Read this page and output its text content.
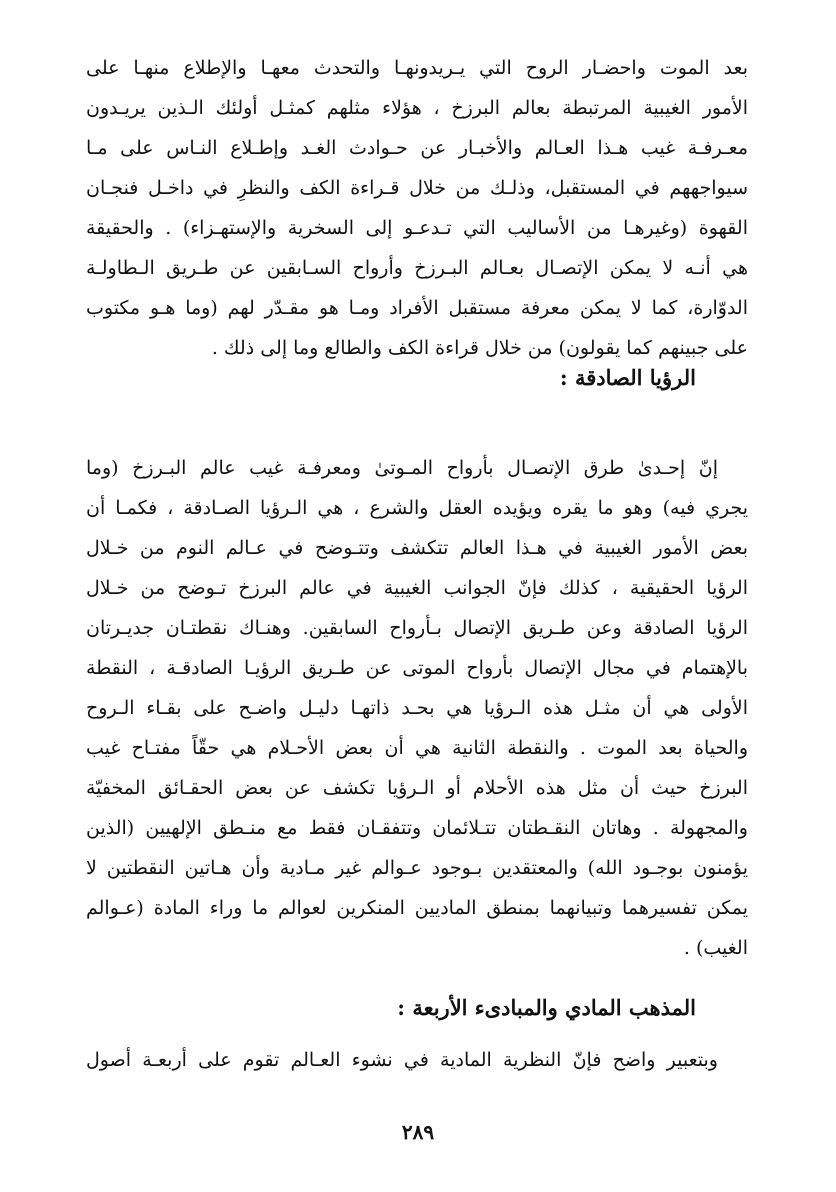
بعد الموت واحضـار الروح التي يـريدونهـا والتحدث معهـا والإطلاع منهـا على
الأمور الغيبية المرتبطة بعالم البرزخ ، هؤلاء مثلهم كمثـل أولئك الـذين يريـدون
معـرفـة غيب هـذا العـالم والأخبـار عن حـوادث الغـد وإطـلاع النـاس على مـا
سيواجههم في المستقبل، وذلـك من خلال قـراءة الكف والنظرِ في داخـل فنجـان
القهوة (وغيرهـا من الأساليب التي تـدعـو إلى السخرية والإستهـزاء) . والحقيقة
هي أنـه لا يمكن الإتصـال بعـالم البـرزخ وأرواح السـابقين عن طـريق الـطاولـة
الدوّارة، كما لا يمكن معرفة مستقبل الأفراد ومـا هو مقـدّر لهم (وما هـو مكتوب
على جبينهم كما يقولون) من خلال قراءة الكف والطالع وما إلى ذلك .
الرؤيا الصادقة :
إنّ إحـدىٰ طرق الإتصـال بأرواح المـوتىٰ ومعرفـة غيب عالم البـرزخ (وما
يجري فيه) وهو ما يقره ويؤيده العقل والشرع ، هي الـرؤيا الصـادقة ، فكمـا أن
بعض الأمور الغيبية في هـذا العالم تتكشف وتتـوضح في عـالم النوم من خـلال
الرؤيا الحقيقية ، كذلك فإنّ الجوانب الغيبية في عالم البرزخ تـوضح من خـلال
الرؤيا الصادقة وعن طـريق الإتصال بـأرواح السابقين. وهنـاك نقطتـان جديـرتان
بالإهتمام في مجال الإتصال بأرواح الموتى عن طـريق الرؤيـا الصادقـة ، النقطة
الأولى هي أن مثـل هذه الـرؤيا هي بحـد ذاتهـا دليـل واضـح على بقـاء الـروح
والحياة بعد الموت . والنقطة الثانية هي أن بعض الأحـلام هي حقّاً مفتـاح غيب
البرزخ حيث أن مثل هذه الأحلام أو الـرؤيا تكشف عن بعض الحقـائق المخفيّة
والمجهولة . وهاتان النقـطتان تتـلائمان وتتفقـان فقط مع منـطق الإلهيين (الذين
يؤمنون بوجـود الله) والمعتقدين بـوجود عـوالم غير مـادية وأن هـاتين النقطتين لا
يمكن تفسيرهما وتبيانهما بمنطق الماديين المنكرين لعوالم ما وراء المادة (عـوالم
الغيب) .
المذهب المادي والمبادىء الأربعة :
وبتعبير واضح فإنّ النظرية المادية في نشوء العـالم تقوم على أربعـة أصول
٢٨٩
